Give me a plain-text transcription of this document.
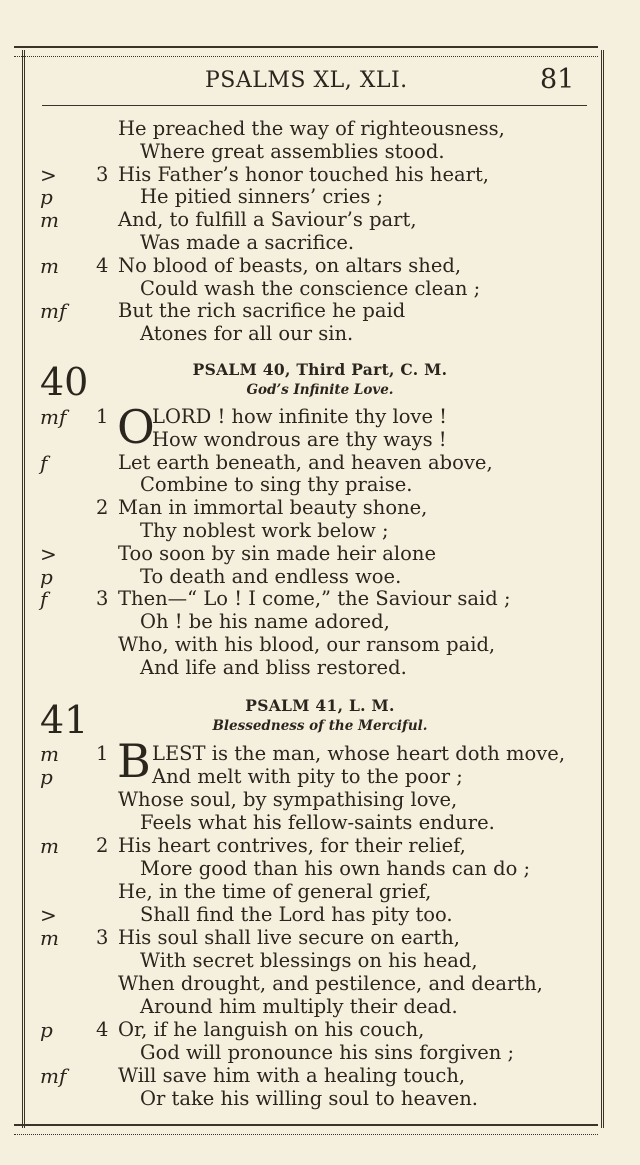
PSALMS XL, XLI.	81
He preached the way of righteousness,
Where great assemblies stood.
> 3 His Father’s honor touched his heart,
p	He pitied sinners’ cries ;
m	And, to fulfill a Saviour’s part,
Was made a sacrifice.
m 4 No blood of beasts, on altars shed,
Could wash the conscience clean ;
mf	But the rich sacrifice he paid
Atones for all our sin.
40	PSALM 40, Third Part, C. M.
God’s Infinite Love.
O
mf 1 LORD ! how infinite thy love !
How wondrous are thy ways !
f	Let earth beneath, and heaven above,
Combine to sing thy praise.
2 Man in immortal beauty shone,
Thy noblest work below ;
>	Too soon by sin made heir alone
p	To death and endless woe.
f 3 Then—“ Lo ! I come,” the Saviour said ;
Oh ! be his name adored,
Who, with his blood, our ransom paid,
And life and bliss restored.
41	PSALM 41, L. M.
Blessedness of the Merciful.
B
m 1 LEST is the man, whose heart doth move,
p	And melt with pity to the poor ;
Whose soul, by sympathising love,
Feels what his fellow-saints endure.
m 2 His heart contrives, for their relief,
More good than his own hands can do ;
He, in the time of general grief,
>	Shall find the Lord has pity too.
m 3 His soul shall live secure on earth,
With secret blessings on his head,
When drought, and pestilence, and dearth,
Around him multiply their dead.
p 4 Or, if he languish on his couch,
God will pronounce his sins forgiven ;
mf	Will save him with a healing touch,
Or take his willing soul to heaven.
